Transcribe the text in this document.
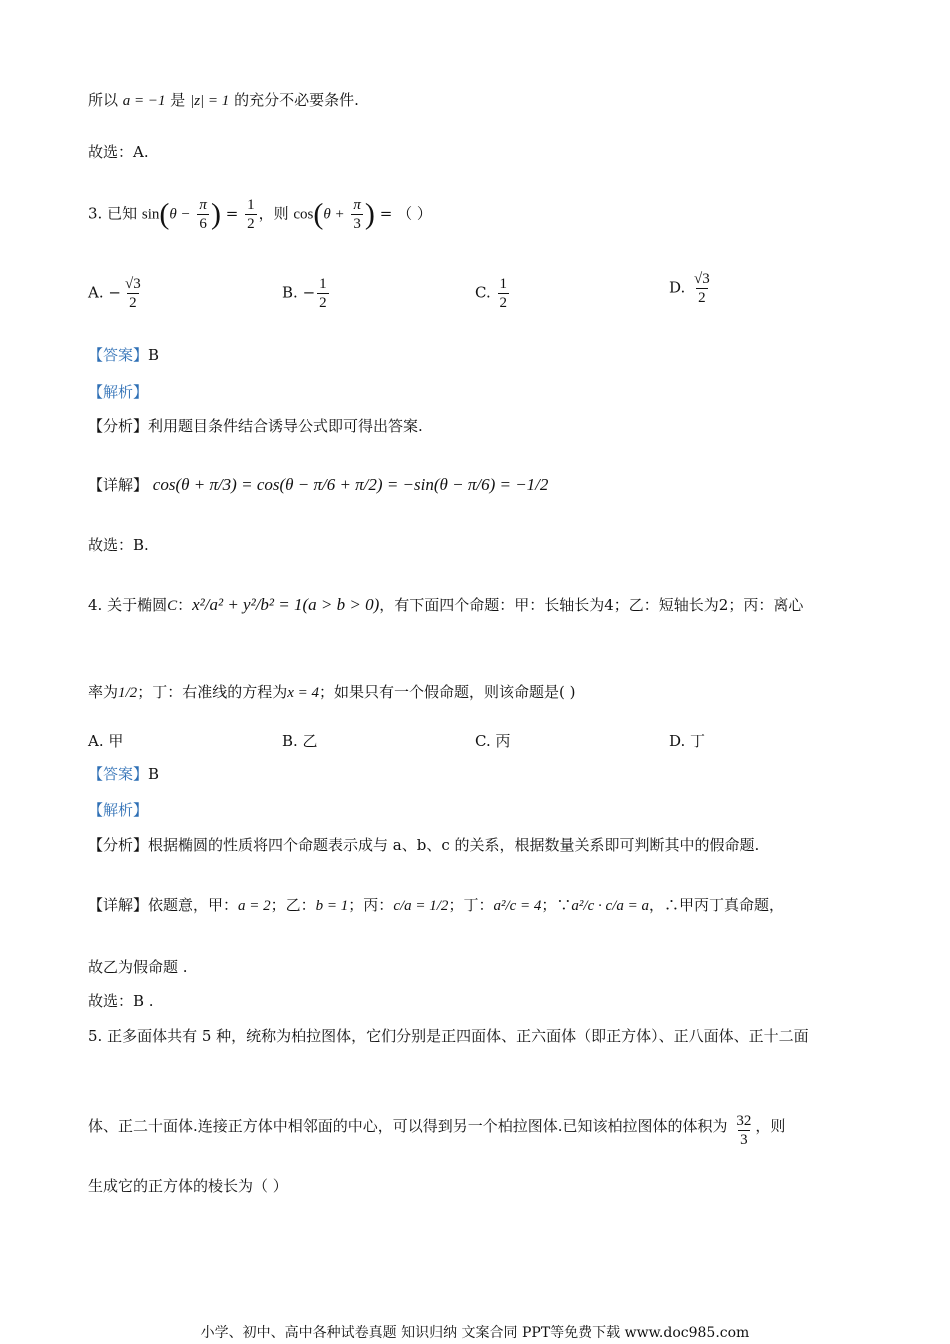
所以 a = −1 是 |z| = 1 的充分不必要条件.
故选：A.
3. 已知 $\sin(\theta - \frac{\pi}{6}$ ) = $\frac{1}{2}$ ，则 $\cos(\theta + \frac{\pi}{3}$ ) = （ ）
A. − $\frac{√3}{2}$	B. − $\frac{1}{2}$	C. $\frac{1}{2}$	D. $\frac{√3}{2}$
【答案】B
【解析】
【分析】利用题目条件结合诱导公式即可得出答案.
【详解】 cos(θ + π/3) = cos(θ − π/6 + π/2) = −sin(θ − π/6) = −1/2
故选：B.
4. 关于椭圆C：x²/a² + y²/b² = 1(a > b > 0)，有下面四个命题：甲：长轴长为4；乙：短轴长为2；丙：离心
率为1/2；丁：右准线的方程为x = 4；如果只有一个假命题，则该命题是( )
A. 甲	B. 乙	C. 丙	D. 丁
【答案】B
【解析】
【分析】根据椭圆的性质将四个命题表示成与 a、b、c 的关系，根据数量关系即可判断其中的假命题.
【详解】依题意，甲：a = 2；乙：b = 1；丙：c/a = 1/2；丁：a²/c = 4；∵a²/c · c/a = a，∴甲丙丁真命题，
故乙为假命题 .
故选：B .
5. 正多面体共有 5 种，统称为柏拉图体，它们分别是正四面体、正六面体（即正方体）、正八面体、正十二面
体、正二十面体.连接正方体中相邻面的中心，可以得到另一个柏拉图体.已知该柏拉图体的体积为 $\frac{32}{3}$ ，则
生成它的正方体的棱长为（ ）
小学、初中、高中各种试卷真题 知识归纳 文案合同 PPT等免费下载 www.doc985.com
